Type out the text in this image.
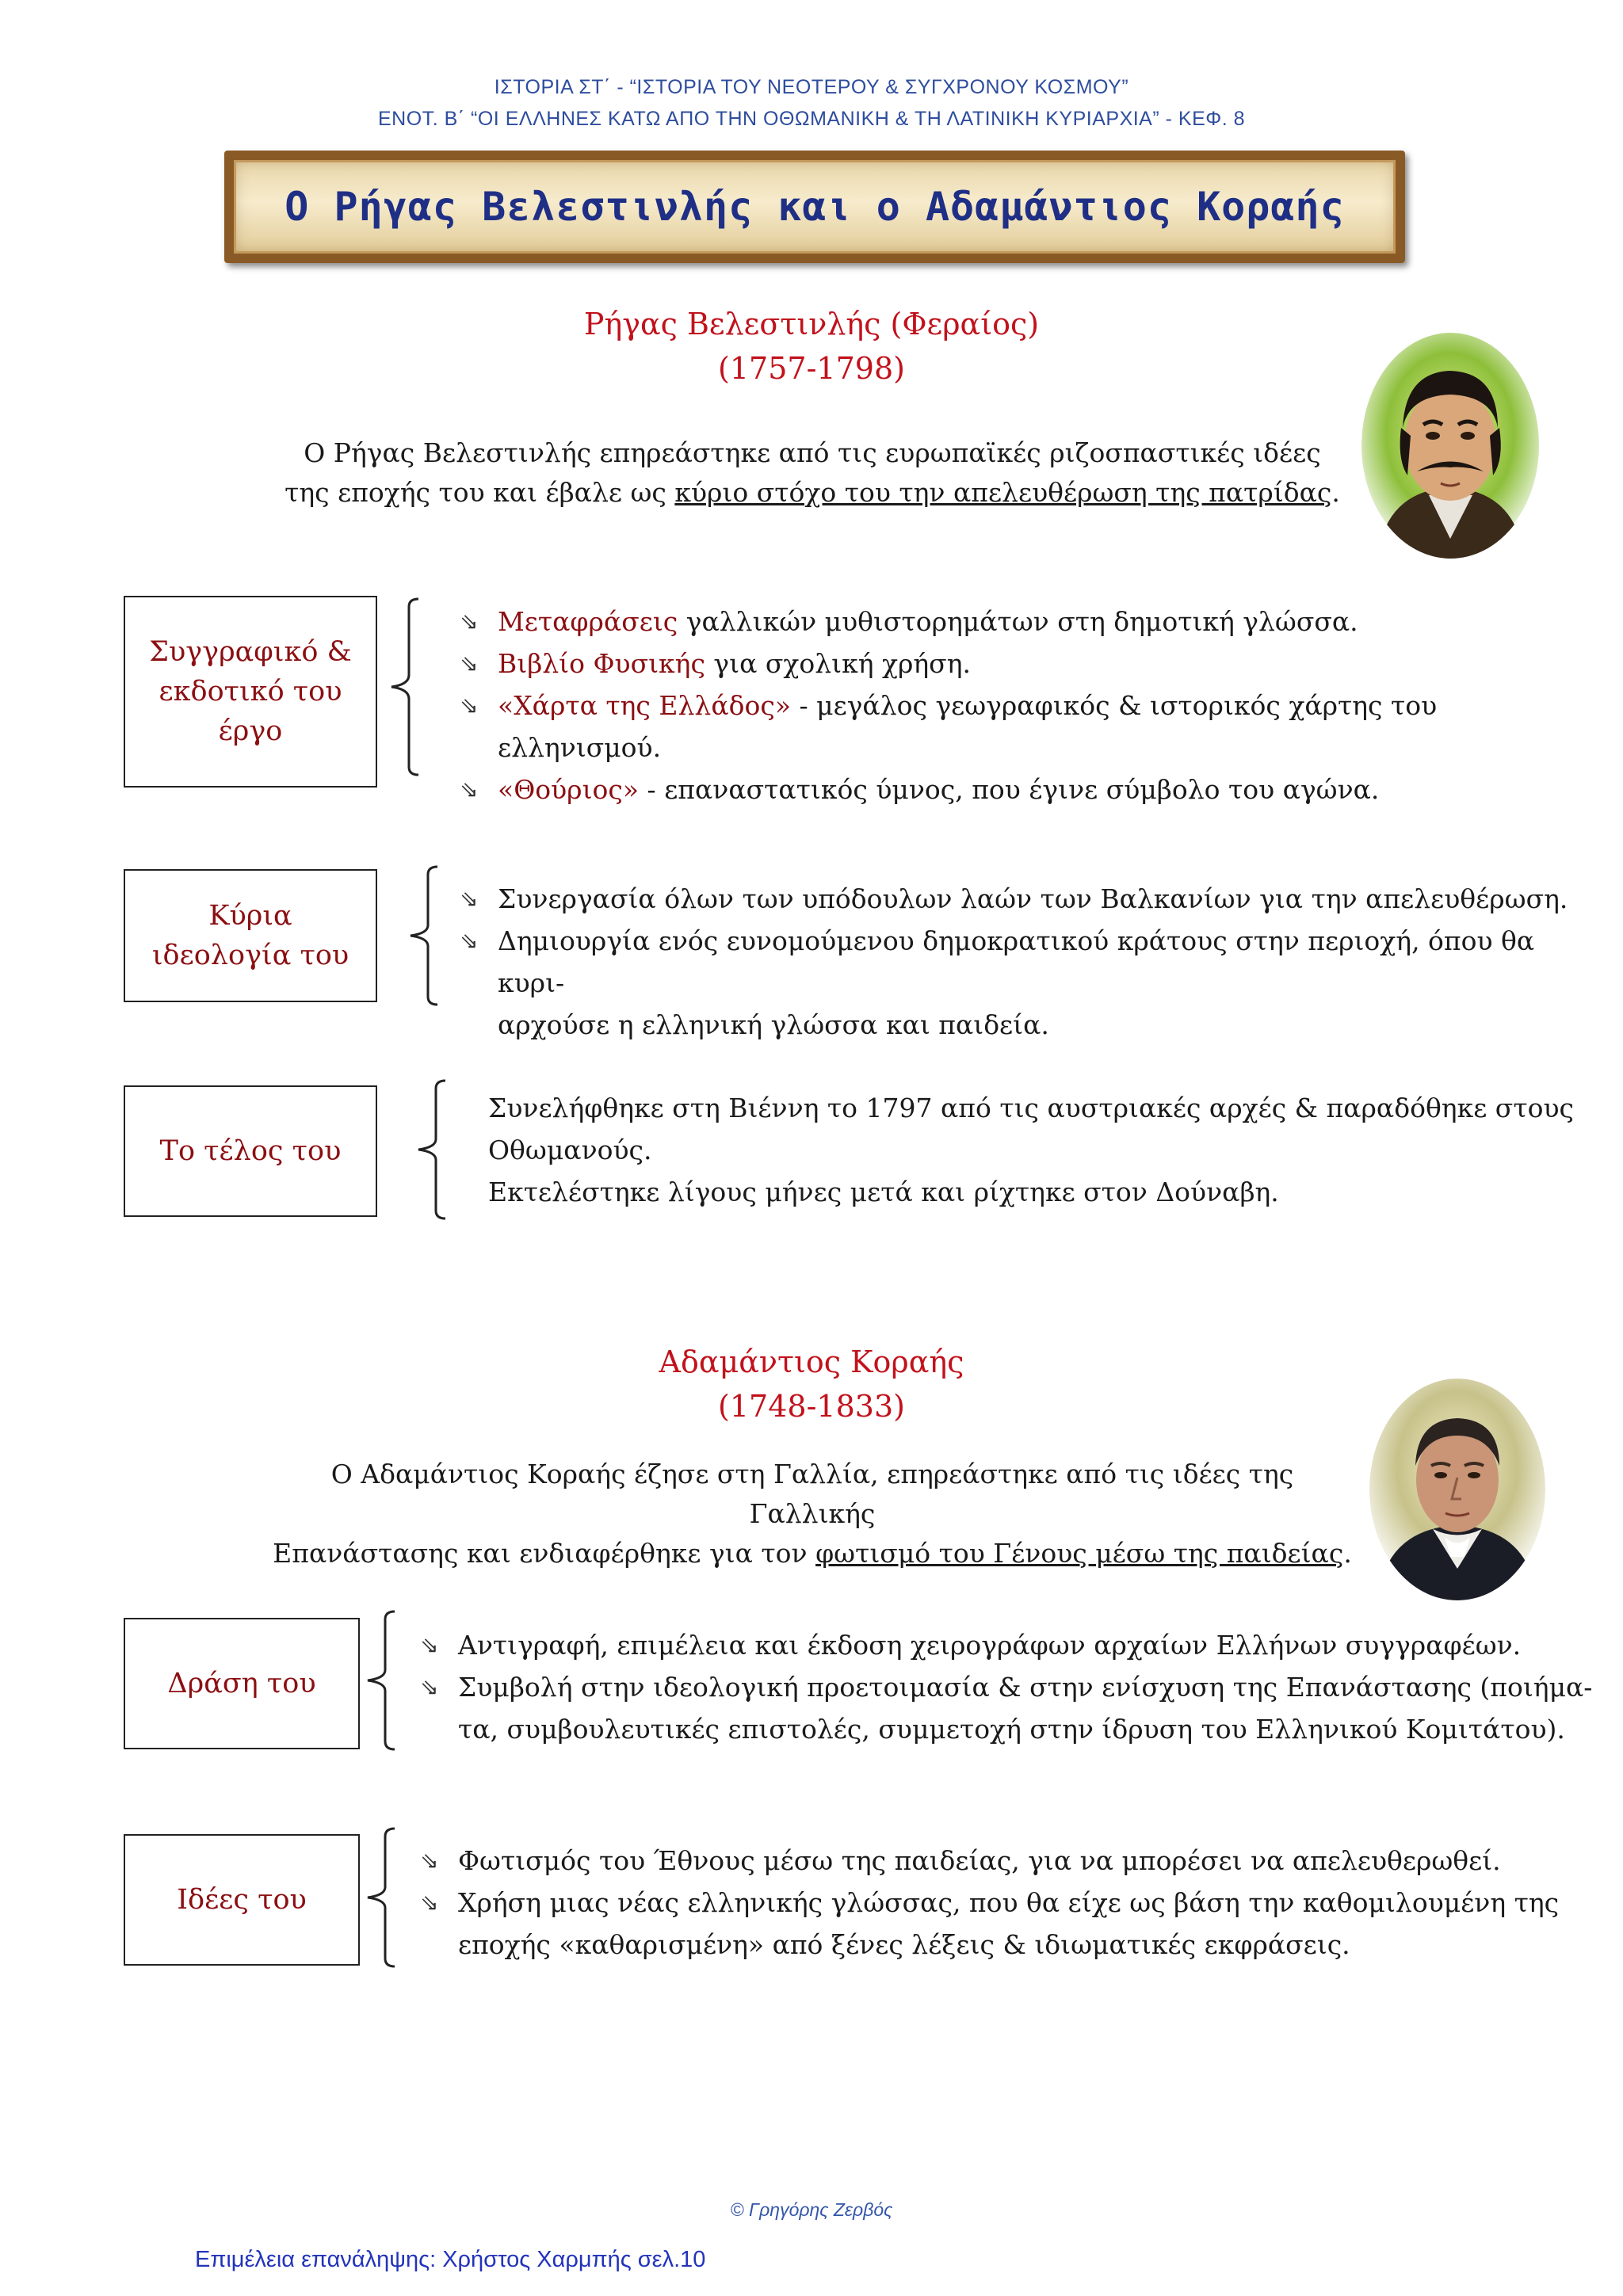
ΙΣΤΟΡΙΑ ΣΤ΄ - “ΙΣΤΟΡΙΑ ΤΟΥ ΝΕΟΤΕΡΟΥ & ΣΥΓΧΡΟΝΟΥ ΚΟΣΜΟΥ”
ΕΝΟΤ. Β΄ “ΟΙ ΕΛΛΗΝΕΣ ΚΑΤΩ ΑΠΟ ΤΗΝ ΟΘΩΜΑΝΙΚΗ & ΤΗ ΛΑΤΙΝΙΚΗ ΚΥΡΙΑΡΧΙΑ” - ΚΕΦ. 8
Ο Ρήγας Βελεστινλής και ο Αδαμάντιος Κοραής
Ρήγας Βελεστινλής (Φεραίος)
(1757-1798)
Ο Ρήγας Βελεστινλής επηρεάστηκε από τις ευρωπαϊκές ριζοσπαστικές ιδέες
της εποχής του και έβαλε ως κύριο στόχο του την απελευθέρωση της πατρίδας.
Συγγραφικό & εκδοτικό του έργο
⇘ Μεταφράσεις γαλλικών μυθιστορημάτων στη δημοτική γλώσσα.
⇘ Βιβλίο Φυσικής για σχολική χρήση.
⇘ «Χάρτα της Ελλάδος» - μεγάλος γεωγραφικός & ιστορικός χάρτης του ελληνισμού.
⇘ «Θούριος» - επαναστατικός ύμνος, που έγινε σύμβολο του αγώνα.
Κύρια ιδεολογία του
⇘ Συνεργασία όλων των υπόδουλων λαών των Βαλκανίων για την απελευθέρωση.
⇘ Δημιουργία ενός ευνομούμενου δημοκρατικού κράτους στην περιοχή, όπου θα κυρι-
αρχούσε η ελληνική γλώσσα και παιδεία.
Το τέλος του
Συνελήφθηκε στη Βιέννη το 1797 από τις αυστριακές αρχές & παραδόθηκε στους
Οθωμανούς.
Εκτελέστηκε λίγους μήνες μετά και ρίχτηκε στον Δούναβη.
Αδαμάντιος Κοραής
(1748-1833)
Ο Αδαμάντιος Κοραής έζησε στη Γαλλία, επηρεάστηκε από τις ιδέες της Γαλλικής
Επανάστασης και ενδιαφέρθηκε για τον φωτισμό του Γένους μέσω της παιδείας.
Δράση του
⇘ Αντιγραφή, επιμέλεια και έκδοση χειρογράφων αρχαίων Ελλήνων συγγραφέων.
⇘ Συμβολή στην ιδεολογική προετοιμασία & στην ενίσχυση της Επανάστασης (ποιήμα-
τα, συμβουλευτικές επιστολές, συμμετοχή στην ίδρυση του Ελληνικού Κομιτάτου).
Ιδέες του
⇘ Φωτισμός του Έθνους μέσω της παιδείας, για να μπορέσει να απελευθερωθεί.
⇘ Χρήση μιας νέας ελληνικής γλώσσας, που θα είχε ως βάση την καθομιλουμένη της
εποχής «καθαρισμένη» από ξένες λέξεις & ιδιωματικές εκφράσεις.
© Γρηγόρης Ζερβός
Επιμέλεια επανάληψης: Χρήστος Χαρμπής σελ.10
